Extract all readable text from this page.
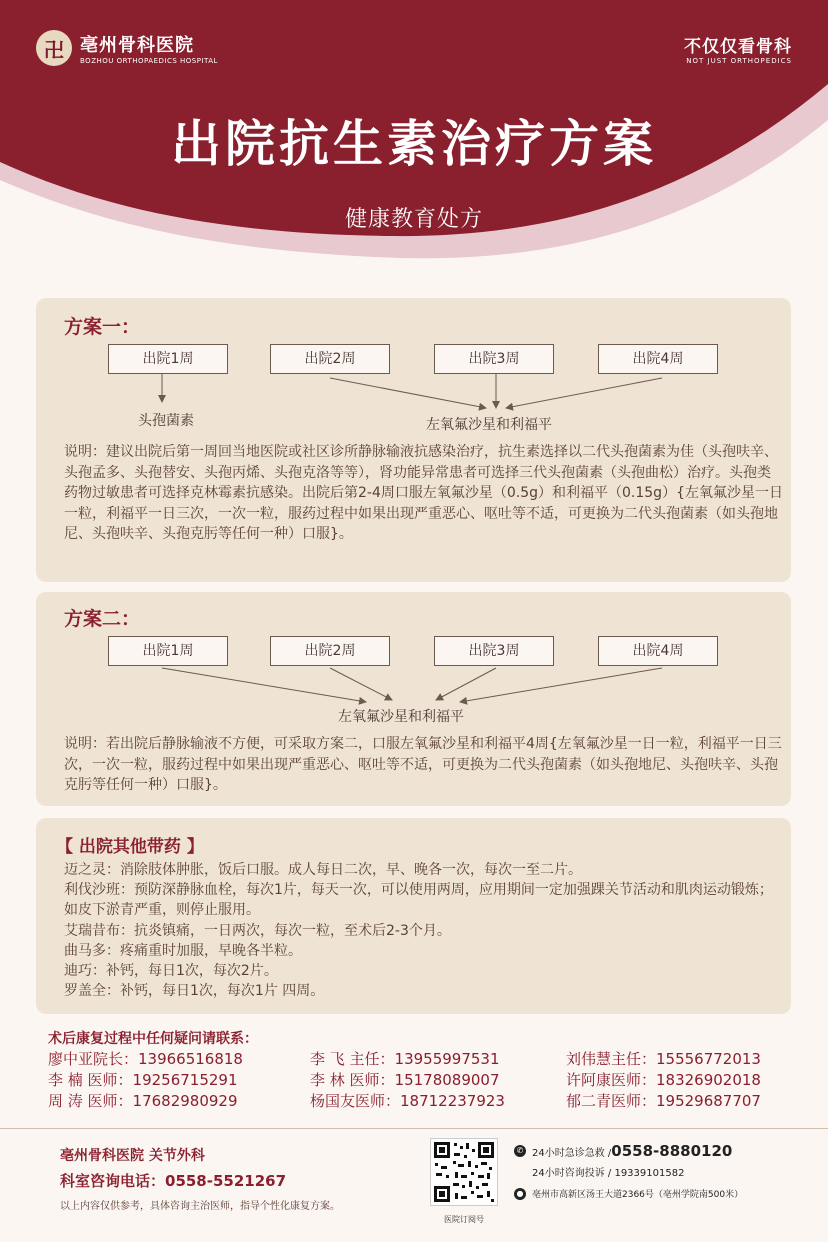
卍 亳州骨科医院
BOZHOU ORTHOPAEDICS HOSPITAL
不仅仅看骨科
NOT JUST ORTHOPEDICS
出院抗生素治疗方案
健康教育处方
方案一：
出院1周	出院2周	出院3周	出院4周
头孢菌素	左氧氟沙星和利福平
说明：建议出院后第一周回当地医院或社区诊所静脉输液抗感染治疗，抗生素选择以二代头孢菌素为佳（头孢呋辛、头孢孟多、头孢替安、头孢丙烯、头孢克洛等等），肾功能异常患者可选择三代头孢菌素（头孢曲松）治疗。头孢类药物过敏患者可选择克林霉素抗感染。出院后第2-4周口服左氧氟沙星（0.5g）和利福平（0.15g）{左氧氟沙星一日一粒，利福平一日三次，一次一粒，服药过程中如果出现严重恶心、呕吐等不适，可更换为二代头孢菌素（如头孢地尼、头孢呋辛、头孢克肟等任何一种）口服}。
方案二：
出院1周	出院2周	出院3周	出院4周
左氧氟沙星和利福平
说明：若出院后静脉输液不方便，可采取方案二，口服左氧氟沙星和利福平4周{左氧氟沙星一日一粒，利福平一日三次，一次一粒，服药过程中如果出现严重恶心、呕吐等不适，可更换为二代头孢菌素（如头孢地尼、头孢呋辛、头孢克肟等任何一种）口服}。
【 出院其他带药 】
迈之灵：消除肢体肿胀，饭后口服。成人每日二次，早、晚各一次，每次一至二片。
利伐沙班：预防深静脉血栓，每次1片，每天一次，可以使用两周，应用期间一定加强踝关节活动和肌肉运动锻炼；如皮下淤青严重，则停止服用。
艾瑞昔布：抗炎镇痛，一日两次，每次一粒，至术后2-3个月。
曲马多：疼痛重时加服，早晚各半粒。
迪巧：补钙，每日1次，每次2片。
罗盖全：补钙，每日1次，每次1片 四周。
术后康复过程中任何疑问请联系：
廖中亚院长：13966516818	李 飞 主任：13955997531	刘伟慧主任：15556772013
李 楠 医师：19256715291	李 林 医师：15178089007	许阿康医师：18326902018
周 涛 医师：17682980929	杨国友医师：18712237923	郁二青医师：19529687707
亳州骨科医院 关节外科
科室咨询电话：0558-5521267
以上内容仅供参考，具体咨询主治医师，指导个性化康复方案。
医院订阅号
✆ 24小时急诊急救 / 0558-8880120
24小时咨询投诉 / 19339101582
● 亳州市高新区汤王大道2366号（亳州学院南500米）
